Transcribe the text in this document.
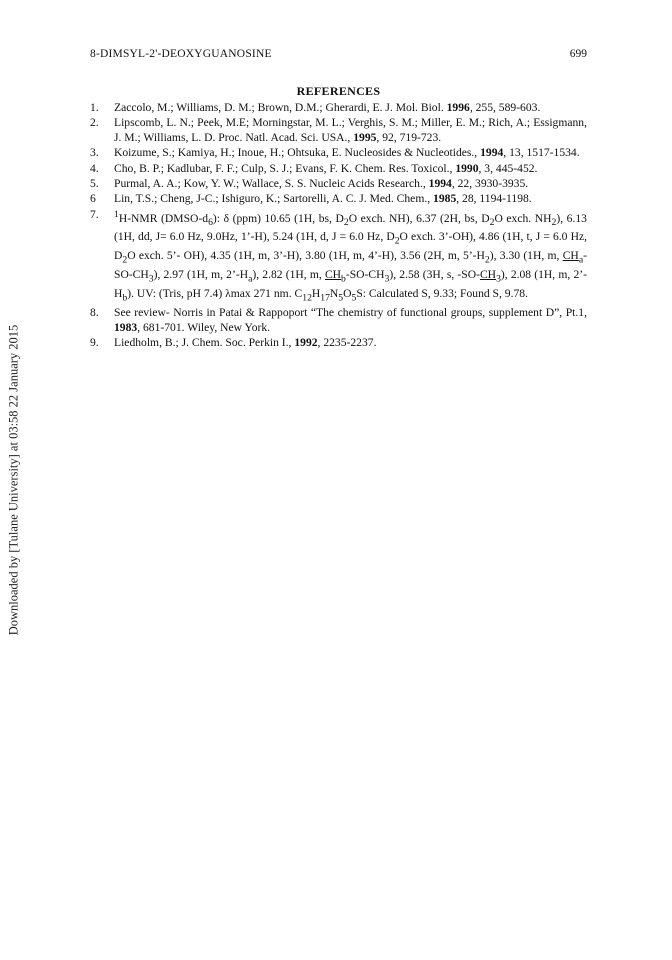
8-DIMSYL-2'-DEOXYGUANOSINE	699
REFERENCES
1. Zaccolo, M.; Williams, D. M.; Brown, D.M.; Gherardi, E. J. Mol. Biol. 1996, 255, 589-603.
2. Lipscomb, L. N.; Peek, M.E; Morningstar, M. L.; Verghis, S. M.; Miller, E. M.; Rich, A.; Essigmann, J. M.; Williams, L. D. Proc. Natl. Acad. Sci. USA., 1995, 92, 719-723.
3. Koizume, S.; Kamiya, H.; Inoue, H.; Ohtsuka, E. Nucleosides & Nucleotides., 1994, 13, 1517-1534.
4. Cho, B. P.; Kadlubar, F. F.; Culp, S. J.; Evans, F. K. Chem. Res. Toxicol., 1990, 3, 445-452.
5. Purmal, A. A.; Kow, Y. W.; Wallace, S. S. Nucleic Acids Research., 1994, 22, 3930-3935.
6 Lin, T.S.; Cheng, J-C.; Ishiguro, K.; Sartorelli, A. C. J. Med. Chem., 1985, 28, 1194-1198.
7. $^1$H-NMR $(DMSO-d_6)$: δ (ppm) 10.65 (1H, bs, $D_2O$ exch. NH), 6.37 (2H, bs, $D_2O$ exch. $NH_2$), 6.13 (1H, dd, J= 6.0 Hz, 9.0Hz, 1’-H), 5.24 (1H, d, J = 6.0 Hz, $D_2O$ exch. 3’-OH), 4.86 (1H, t, J = 6.0 Hz, $D_2O$ exch. 5’- OH), 4.35 (1H, m, 3’-H), 3.80 (1H, m, 4’-H), 3.56 (2H, m, $5’-H_2$), 3.30 (1H, m, $CH_a-SO-CH_3$), 2.97 (1H, m, $2’-H_a$), 2.82 (1H, m, $CH_b-SO-CH_3$), 2.58 (3H, s, $-SO-CH_3$), 2.08 (1H, m, $2’-H_b$). UV: (Tris, pH 7.4) λmax 271 nm. $C_{12}H_{17}N_5O_5S$: Calculated S, 9.33; Found S, 9.78.
8. See review- Norris in Patai & Rappoport “The chemistry of functional groups, supplement D”, Pt.1, 1983, 681-701. Wiley, New York.
9. Liedholm, B.; J. Chem. Soc. Perkin I., 1992, 2235-2237.
Downloaded by [Tulane University] at 03:58 22 January 2015
